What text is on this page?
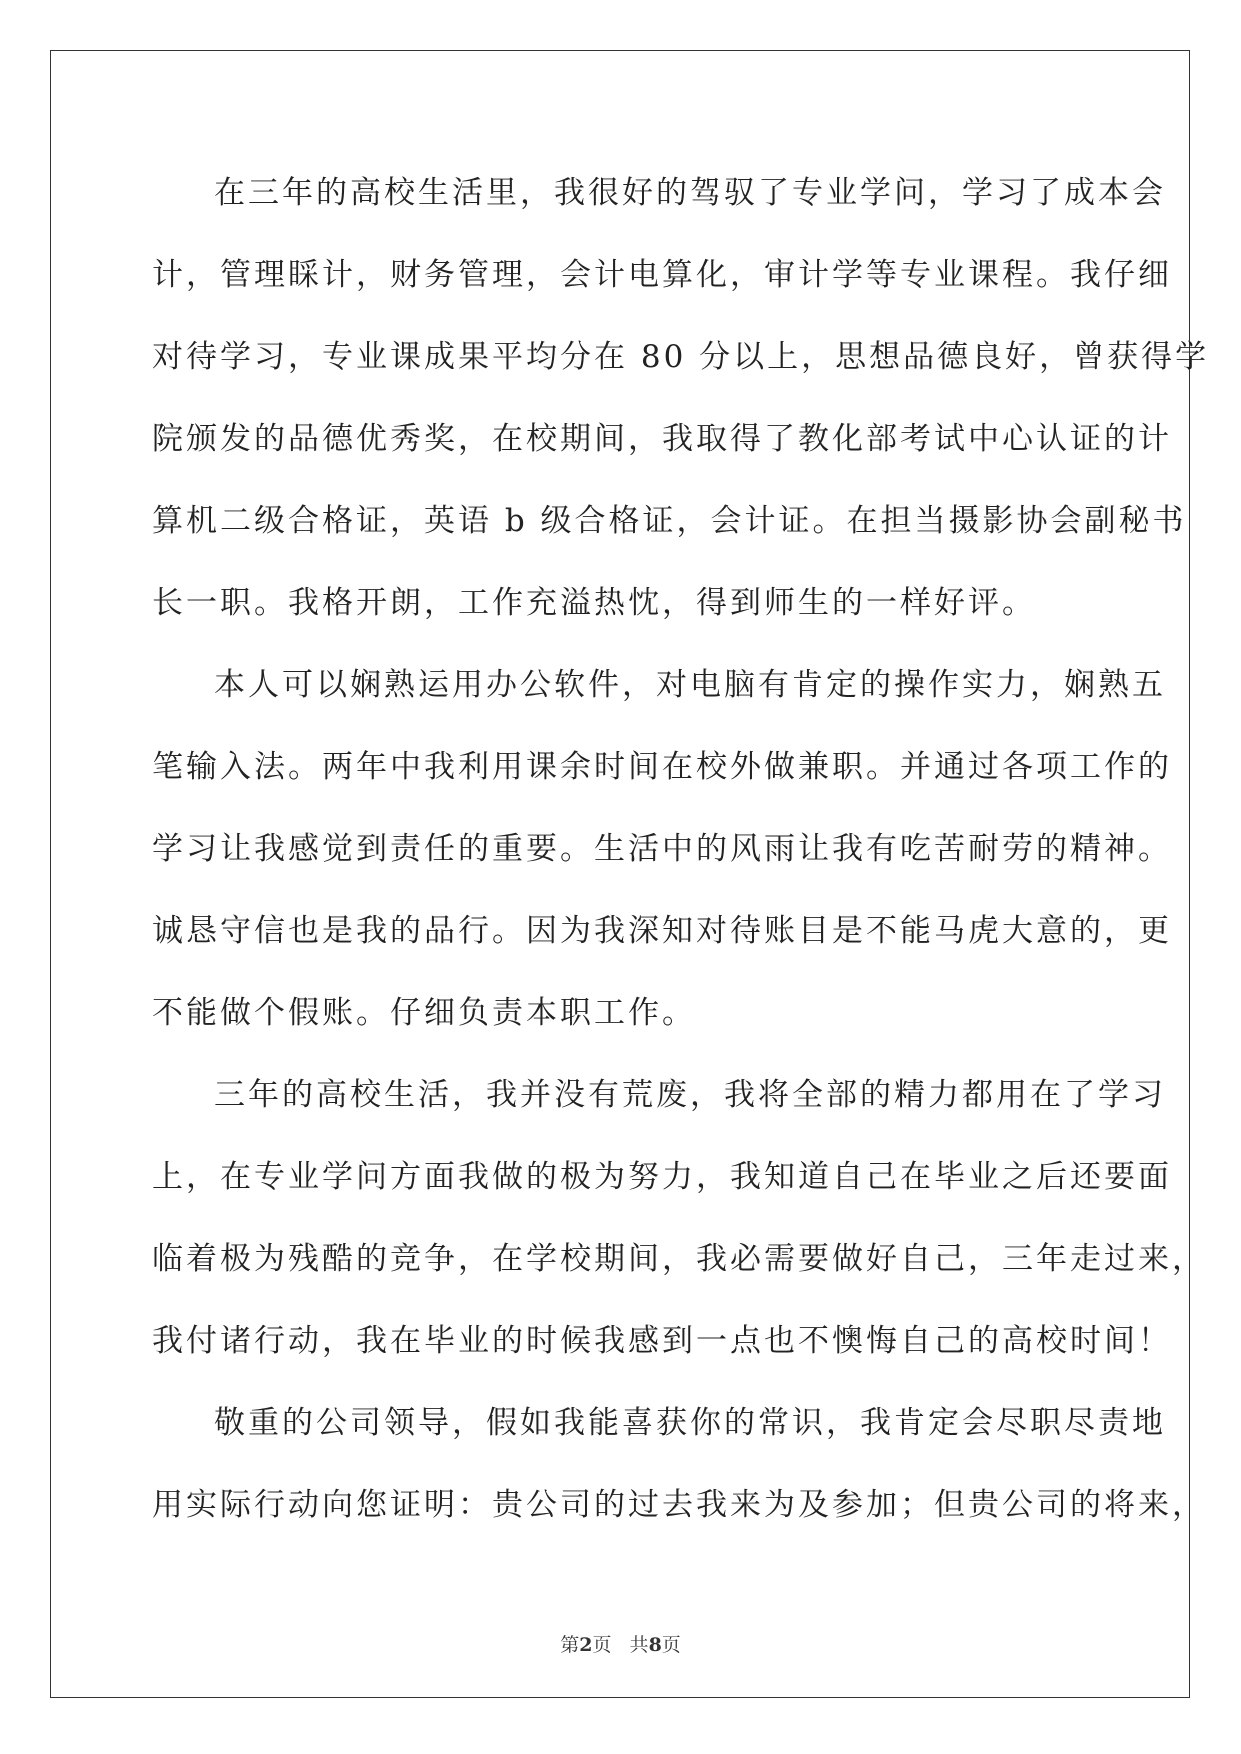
在三年的高校生活里，我很好的驾驭了专业学问，学习了成本会
计，管理睬计，财务管理，会计电算化，审计学等专业课程。我仔细
对待学习，专业课成果平均分在 80 分以上，思想品德良好，曾获得学
院颁发的品德优秀奖，在校期间，我取得了教化部考试中心认证的计
算机二级合格证，英语 b 级合格证，会计证。在担当摄影协会副秘书
长一职。我格开朗，工作充溢热忱，得到师生的一样好评。
本人可以娴熟运用办公软件，对电脑有肯定的操作实力，娴熟五
笔输入法。两年中我利用课余时间在校外做兼职。并通过各项工作的
学习让我感觉到责任的重要。生活中的风雨让我有吃苦耐劳的精神。
诚恳守信也是我的品行。因为我深知对待账目是不能马虎大意的，更
不能做个假账。仔细负责本职工作。
三年的高校生活，我并没有荒废，我将全部的精力都用在了学习
上，在专业学问方面我做的极为努力，我知道自己在毕业之后还要面
临着极为残酷的竞争，在学校期间，我必需要做好自己，三年走过来，
我付诸行动，我在毕业的时候我感到一点也不懊悔自己的高校时间！
敬重的公司领导，假如我能喜获你的常识，我肯定会尽职尽责地
用实际行动向您证明：贵公司的过去我来为及参加；但贵公司的将来，
第2页   共8页
